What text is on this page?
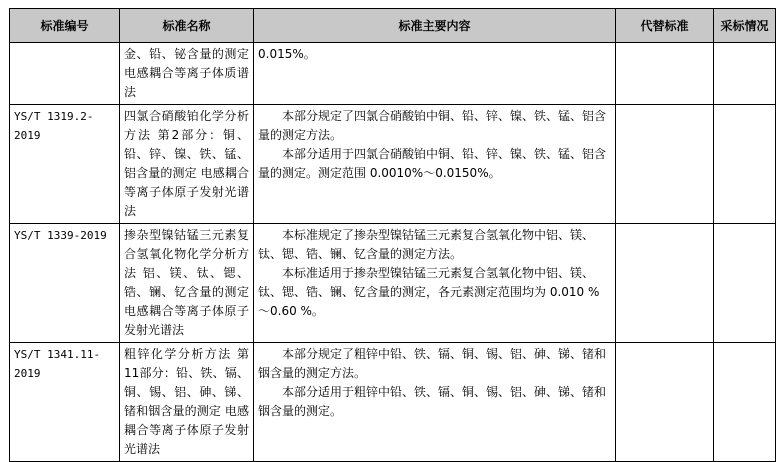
标准编号	标准名称	标准主要内容	代替标准	采标情况
	金、铅、铋含量的测定 电感耦合等离子体质谱法	0.015%。		

YS/T 1319.2-2019	四氯合硝酸铂化学分析方法 第2部分：铜、铅、锌、镍、铁、锰、铝含量的测定 电感耦合等离子体原子发射光谱法	本部分规定了四氯合硝酸铂中铜、铅、锌、镍、铁、锰、铝含量的测定方法。

本部分适用于四氯合硝酸铂中铜、铅、锌、镍、铁、锰、铝含量的测定。测定范围 0.0010%～0.0150%。		

YS/T 1339-2019	掺杂型镍钴锰三元素复合氢氧化物化学分析方法 铝、镁、钛、锶、锆、镧、钇含量的测定 电感耦合等离子体原子发射光谱法	本标准规定了掺杂型镍钴锰三元素复合氢氧化物中铝、镁、钛、锶、锆、镧、钇含量的测定方法。

本标准适用于掺杂型镍钴锰三元素复合氢氧化物中铝、镁、钛、锶、锆、镧、钇含量的测定，各元素测定范围均为 0.010 %～0.60 %。		

YS/T 1341.11-2019	粗锌化学分析方法 第11部分：铅、铁、镉、铜、锡、铝、砷、锑、锗和铟含量的测定 电感耦合等离子体原子发射光谱法	本部分规定了粗锌中铅、铁、镉、铜、锡、铝、砷、锑、锗和铟含量的测定方法。

本部分适用于粗锌中铅、铁、镉、铜、锡、铝、砷、锑、锗和铟含量的测定。		
